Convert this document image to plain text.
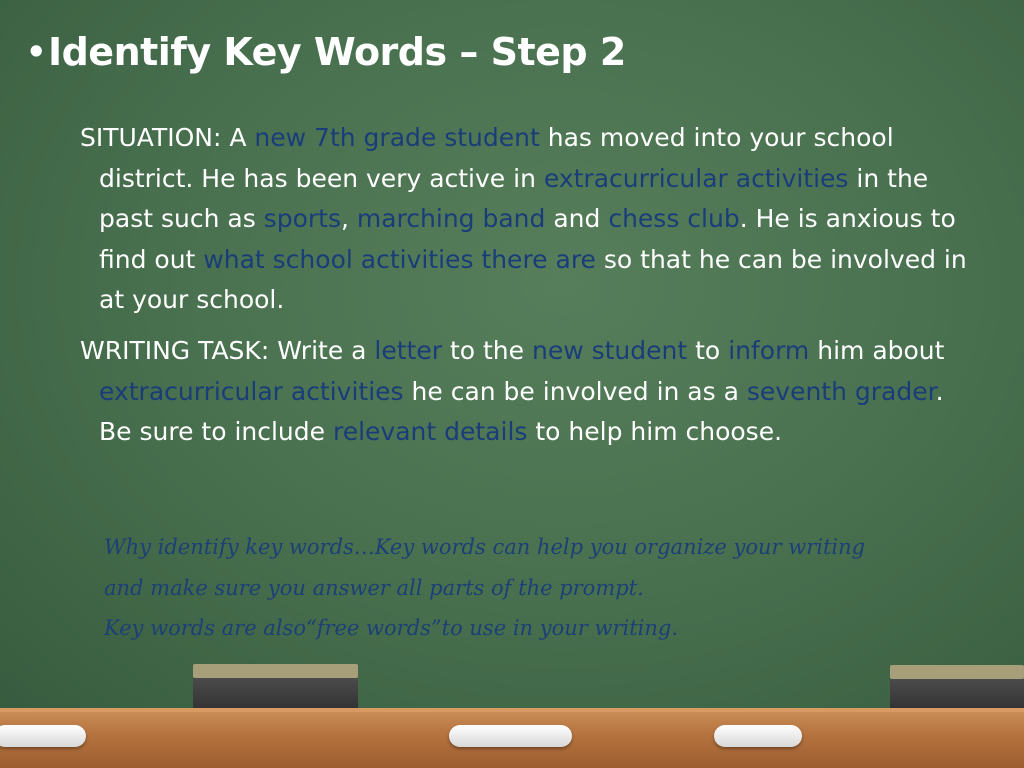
•Identify Key Words – Step 2

SITUATION: A new 7th grade student has moved into your school district. He has been very active in extracurricular activities in the past such as sports, marching band and chess club. He is anxious to find out what school activities there are so that he can be involved in at your school.

WRITING TASK: Write a letter to the new student to inform him about extracurricular activities he can be involved in as a seventh grader. Be sure to include relevant details to help him choose.

Why identify key words…Key words can help you organize your writing
and make sure you answer all parts of the prompt.
Key words are also“free words”to use in your writing.
